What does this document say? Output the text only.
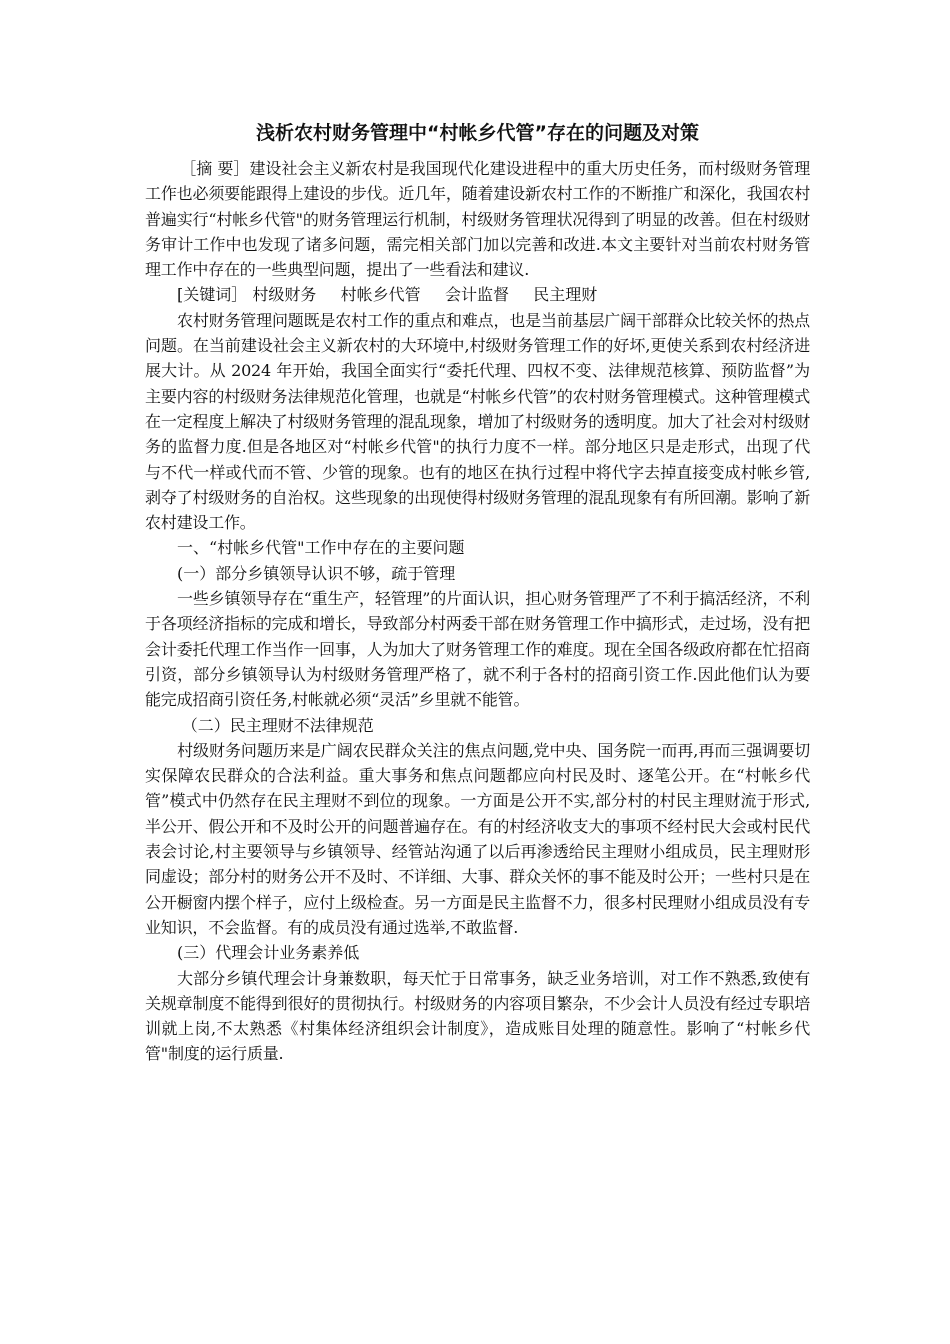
浅析农村财务管理中“村帐乡代管”存在的问题及对策

［摘 要］建设社会主义新农村是我国现代化建设进程中的重大历史任务，而村级财务管理工作也必须要能跟得上建设的步伐。近几年，随着建设新农村工作的不断推广和深化，我国农村普遍实行“村帐乡代管"的财务管理运行机制，村级财务管理状况得到了明显的改善。但在村级财务审计工作中也发现了诸多问题，需完相关部门加以完善和改进.本文主要针对当前农村财务管理工作中存在的一些典型问题，提出了一些看法和建议.

[关键词］ 村级财务 村帐乡代管 会计监督 民主理财

农村财务管理问题既是农村工作的重点和难点，也是当前基层广阔干部群众比较关怀的热点问题。在当前建设社会主义新农村的大环境中,村级财务管理工作的好坏,更使关系到农村经济进展大计。从 2024 年开始，我国全面实行“委托代理、四权不变、法律规范核算、预防监督”为主要内容的村级财务法律规范化管理，也就是“村帐乡代管”的农村财务管理模式。这种管理模式在一定程度上解决了村级财务管理的混乱现象，增加了村级财务的透明度。加大了社会对村级财务的监督力度.但是各地区对“村帐乡代管"的执行力度不一样。部分地区只是走形式，出现了代与不代一样或代而不管、少管的现象。也有的地区在执行过程中将代字去掉直接变成村帐乡管,剥夺了村级财务的自治权。这些现象的出现使得村级财务管理的混乱现象有有所回潮。影响了新农村建设工作。

一、“村帐乡代管"工作中存在的主要问题

(一）部分乡镇领导认识不够，疏于管理

一些乡镇领导存在“重生产，轻管理”的片面认识，担心财务管理严了不利于搞活经济，不利于各项经济指标的完成和增长，导致部分村两委干部在财务管理工作中搞形式，走过场，没有把会计委托代理工作当作一回事，人为加大了财务管理工作的难度。现在全国各级政府都在忙招商引资，部分乡镇领导认为村级财务管理严格了，就不利于各村的招商引资工作.因此他们认为要能完成招商引资任务,村帐就必须“灵活”乡里就不能管。

（二）民主理财不法律规范

村级财务问题历来是广阔农民群众关注的焦点问题,党中央、国务院一而再,再而三强调要切实保障农民群众的合法利益。重大事务和焦点问题都应向村民及时、逐笔公开。在“村帐乡代管”模式中仍然存在民主理财不到位的现象。一方面是公开不实,部分村的村民主理财流于形式,半公开、假公开和不及时公开的问题普遍存在。有的村经济收支大的事项不经村民大会或村民代表会讨论,村主要领导与乡镇领导、经管站沟通了以后再渗透给民主理财小组成员，民主理财形同虚设；部分村的财务公开不及时、不详细、大事、群众关怀的事不能及时公开；一些村只是在公开橱窗内摆个样子，应付上级检查。另一方面是民主监督不力，很多村民理财小组成员没有专业知识，不会监督。有的成员没有通过选举,不敢监督.

(三）代理会计业务素养低

大部分乡镇代理会计身兼数职，每天忙于日常事务，缺乏业务培训，对工作不熟悉,致使有关规章制度不能得到很好的贯彻执行。村级财务的内容项目繁杂，不少会计人员没有经过专职培训就上岗,不太熟悉《村集体经济组织会计制度》，造成账目处理的随意性。影响了“村帐乡代管"制度的运行质量.
